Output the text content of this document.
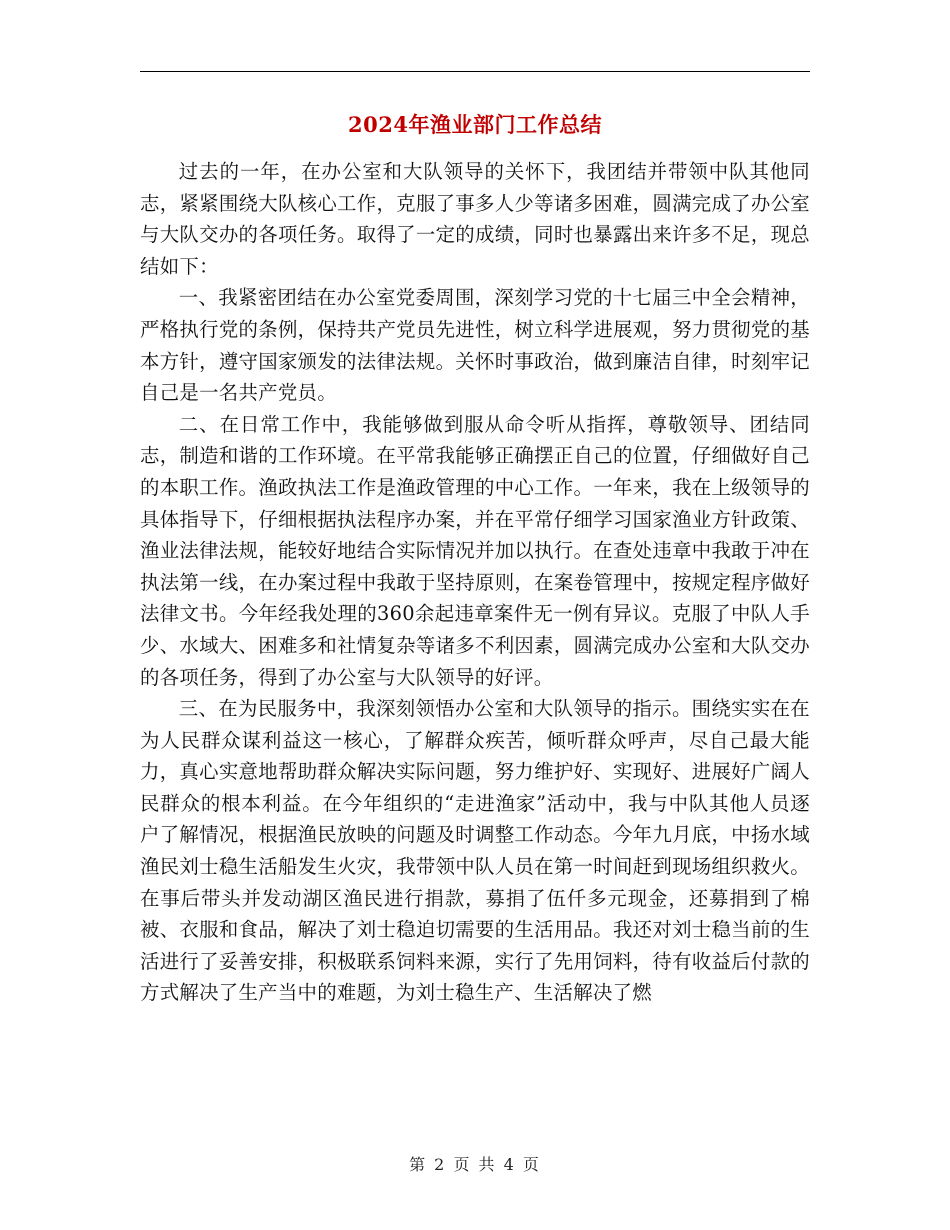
2024年渔业部门工作总结

过去的一年，在办公室和大队领导的关怀下，我团结并带领中队其他同志，紧紧围绕大队核心工作，克服了事多人少等诸多困难，圆满完成了办公室与大队交办的各项任务。取得了一定的成绩，同时也暴露出来许多不足，现总结如下：

一、我紧密团结在办公室党委周围，深刻学习党的十七届三中全会精神，严格执行党的条例，保持共产党员先进性，树立科学进展观，努力贯彻党的基本方针，遵守国家颁发的法律法规。关怀时事政治，做到廉洁自律，时刻牢记自己是一名共产党员。

二、在日常工作中，我能够做到服从命令听从指挥，尊敬领导、团结同志，制造和谐的工作环境。在平常我能够正确摆正自己的位置，仔细做好自己的本职工作。渔政执法工作是渔政管理的中心工作。一年来，我在上级领导的具体指导下，仔细根据执法程序办案，并在平常仔细学习国家渔业方针政策、渔业法律法规，能较好地结合实际情况并加以执行。在查处违章中我敢于冲在执法第一线，在办案过程中我敢于坚持原则，在案卷管理中，按规定程序做好法律文书。今年经我处理的360余起违章案件无一例有异议。克服了中队人手少、水域大、困难多和社情复杂等诸多不利因素，圆满完成办公室和大队交办的各项任务，得到了办公室与大队领导的好评。

三、在为民服务中，我深刻领悟办公室和大队领导的指示。围绕实实在在为人民群众谋利益这一核心，了解群众疾苦，倾听群众呼声，尽自己最大能力，真心实意地帮助群众解决实际问题，努力维护好、实现好、进展好广阔人民群众的根本利益。在今年组织的“走进渔家”活动中，我与中队其他人员逐户了解情况，根据渔民放映的问题及时调整工作动态。今年九月底，中扬水域渔民刘士稳生活船发生火灾，我带领中队人员在第一时间赶到现场组织救火。在事后带头并发动湖区渔民进行捐款，募捐了伍仟多元现金，还募捐到了棉被、衣服和食品，解决了刘士稳迫切需要的生活用品。我还对刘士稳当前的生活进行了妥善安排，积极联系饲料来源，实行了先用饲料，待有收益后付款的方式解决了生产当中的难题，为刘士稳生产、生活解决了燃

第 2 页 共 4 页
